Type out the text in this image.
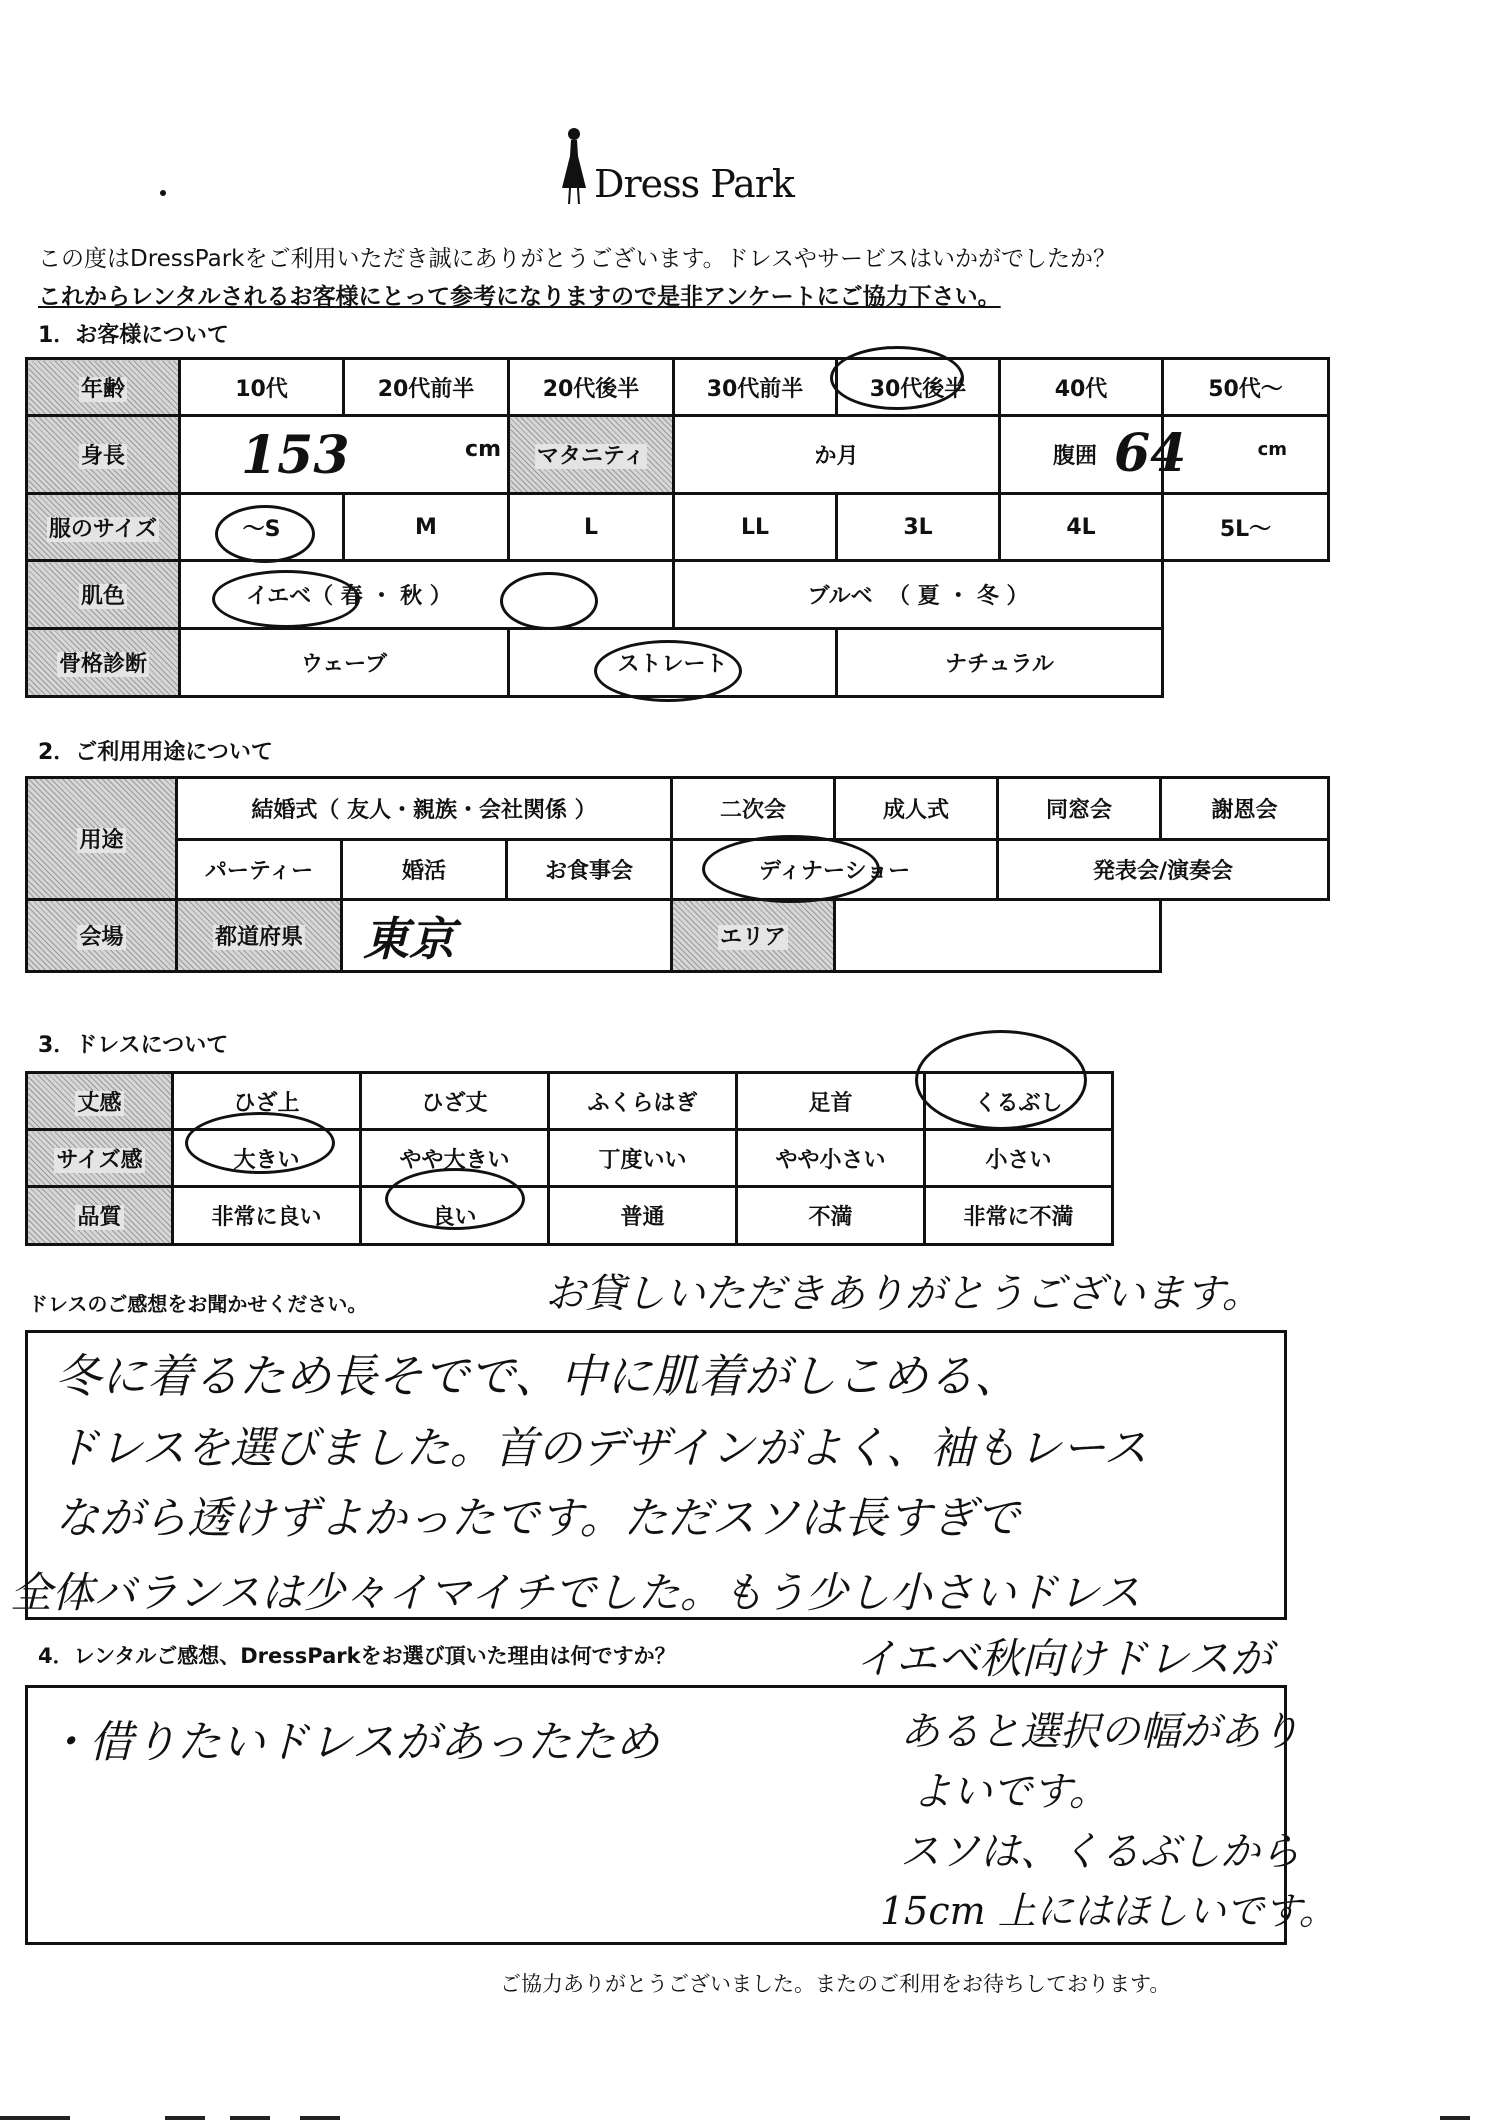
Dress Park
この度はDressParkをご利用いただき誠にありがとうございます。ドレスやサービスはいかがでしたか？
これからレンタルされるお客様にとって参考になりますので是非アンケートにご協力下さい。
1．お客様について
年齢	10代	20代前半	20代後半	30代前半	30代後半	40代	50代〜
身長	153 cm		マタニティ	か月		腹囲	64 cm

服のサイズ	〜S	M	L	LL	3L	4L	5L〜
肌色	イエベ（ 春 ・ 秋 ）			ブルベ （ 夏 ・ 冬 ）			
骨格診断	ウェーブ		ストレート		ナチュラル		
2．ご利用用途について
用途	結婚式（ 友人・親族・会社関係 ）			二次会	成人式	同窓会	謝恩会
	パーティー	婚活	お食事会	ディナーショー		発表会/演奏会	
会場	都道府県	東京		エリア			
3．ドレスについて
丈感	ひざ上	ひざ丈	ふくらはぎ	足首	くるぶし
サイズ感	大きい	やや大きい	丁度いい	やや小さい	小さい
品質	非常に良い	良い	普通	不満	非常に不満
ドレスのご感想をお聞かせください。	お貸しいただきありがとうございます。
冬に着るため長そでで、中に肌着がしこめる、
ドレスを選びました。首のデザインがよく、袖もレース
ながら透けずよかったです。ただスソは長すぎで
全体バランスは少々イマイチでした。もう少し小さいドレス
4．レンタルご感想、DressParkをお選び頂いた理由は何ですか？	イエベ秋向けドレスが
・借りたいドレスがあったため	あると選択の幅があり
よいです。
スソは、くるぶしから
15cm 上にはほしいです。
ご協力ありがとうございました。またのご利用をお待ちしております。
